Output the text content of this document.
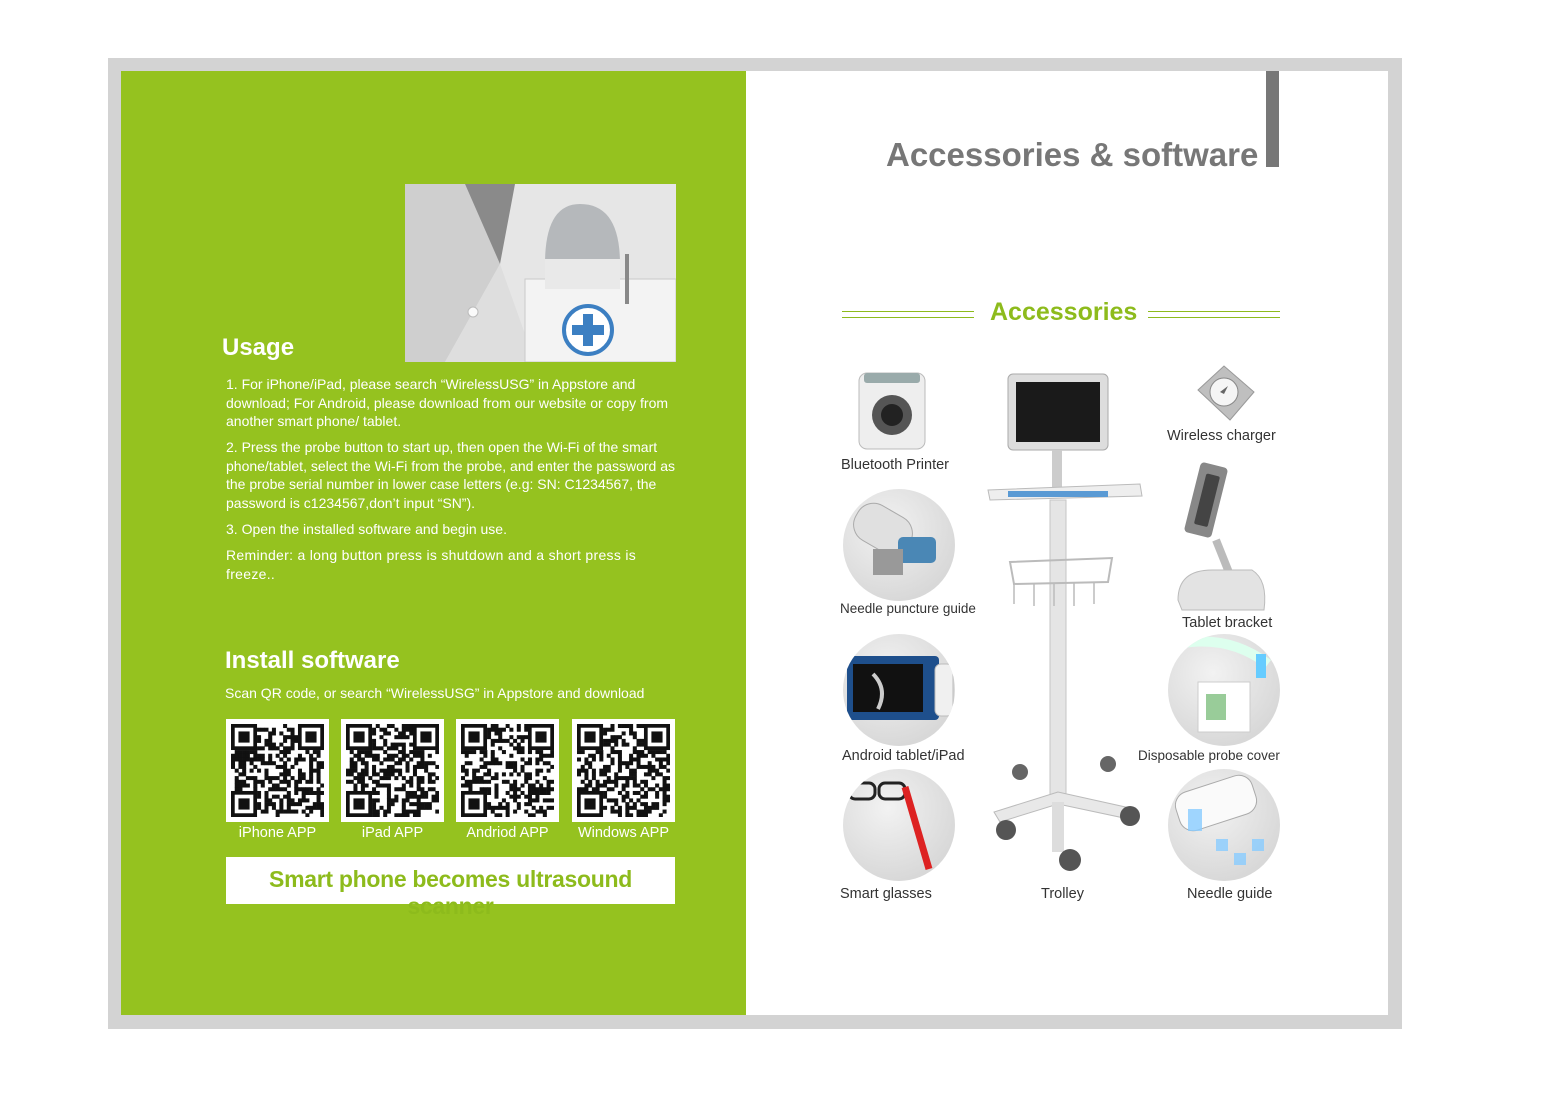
Usage

1. For iPhone/iPad, please search “WirelessUSG” in Appstore and download; For Android, please download from our website or copy from another smart phone/ tablet.

2. Press the probe button to start up, then open the Wi-Fi of the smart phone/tablet, select the Wi-Fi from the probe, and enter the password as the probe serial number in lower case letters (e.g: SN: C1234567, the password is c1234567,don’t input “SN”).

3. Open the installed software and begin use.

Reminder: a long button press is shutdown and a short press is freeze..

Install software
Scan QR code, or search “WirelessUSG” in Appstore and download
iPhone APP	iPad APP	Andriod APP	Windows APP
Smart phone becomes ultrasound scanner
Accessories & software
Accessories
Bluetooth Printer
Wireless charger
Needle puncture guide
Tablet bracket
Android tablet/iPad	Disposable probe cover
Smart glasses	Needle guide
Trolley
